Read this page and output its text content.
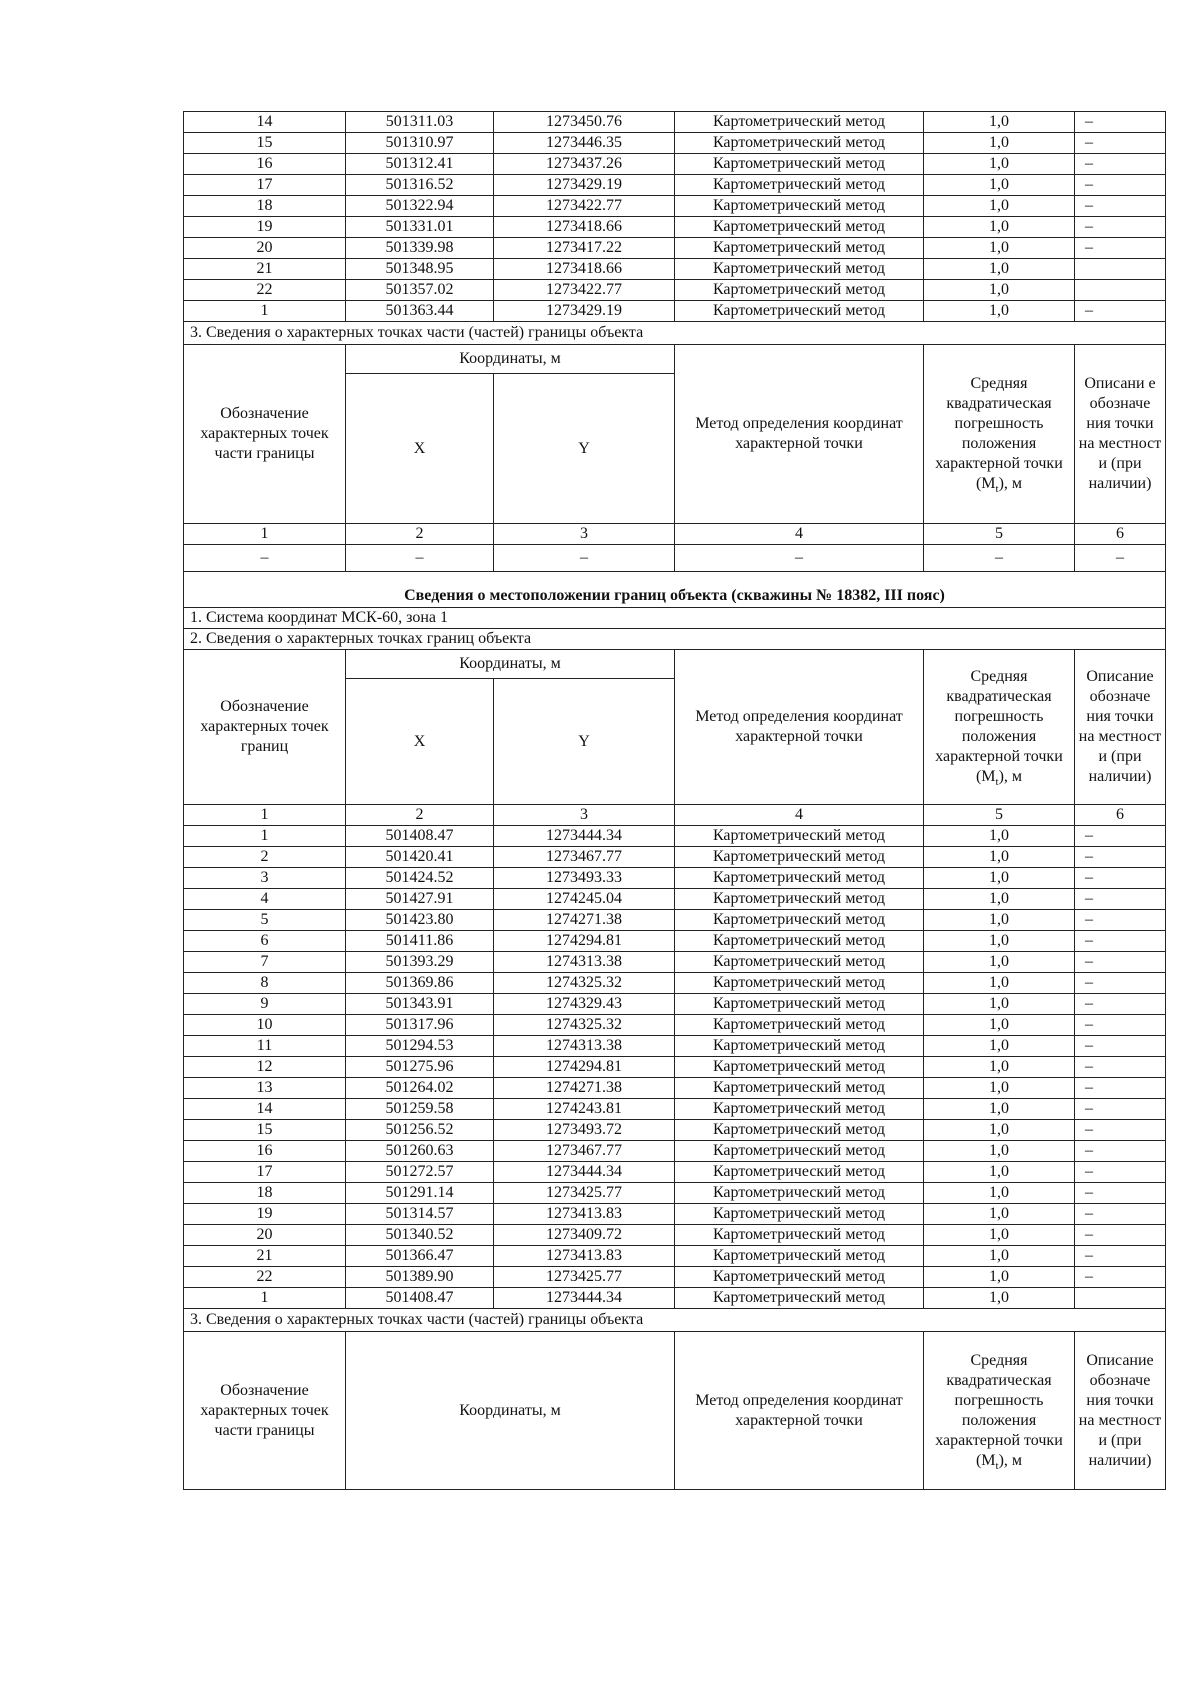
14	501311.03	1273450.76	Картометрический метод	1,0	–
15	501310.97	1273446.35	Картометрический метод	1,0	–
16	501312.41	1273437.26	Картометрический метод	1,0	–
17	501316.52	1273429.19	Картометрический метод	1,0	–
18	501322.94	1273422.77	Картометрический метод	1,0	–
19	501331.01	1273418.66	Картометрический метод	1,0	–
20	501339.98	1273417.22	Картометрический метод	1,0	–
21	501348.95	1273418.66	Картометрический метод	1,0	
22	501357.02	1273422.77	Картометрический метод	1,0	
1	501363.44	1273429.19	Картометрический метод	1,0	–
3. Сведения о характерных точках части (частей) границы объекта					
Обозначение характерных точек части границы	Координаты, м		Метод определения координат характерной точки	Средняя квадратическая погрешность положения характерной точки $(M_t)$, м	Описани е обозначе ния точки на местност и (при наличии)
	X	Y			
1	2	3	4	5	6
–	–	–	–	–	–
Сведения о местоположении границ объекта (скважины № 18382, III пояс)					
1. Система координат МСК-60, зона 1					
2. Сведения о характерных точках границ объекта					
Обозначение характерных точек границ	Координаты, м		Метод определения координат характерной точки	Средняя квадратическая погрешность положения характерной точки $(M_t)$, м	Описание обозначе ния точки на местност и (при наличии)
	X	Y			
1	2	3	4	5	6
1	501408.47	1273444.34	Картометрический метод	1,0	–
2	501420.41	1273467.77	Картометрический метод	1,0	–
3	501424.52	1273493.33	Картометрический метод	1,0	–
4	501427.91	1274245.04	Картометрический метод	1,0	–
5	501423.80	1274271.38	Картометрический метод	1,0	–
6	501411.86	1274294.81	Картометрический метод	1,0	–
7	501393.29	1274313.38	Картометрический метод	1,0	–
8	501369.86	1274325.32	Картометрический метод	1,0	–
9	501343.91	1274329.43	Картометрический метод	1,0	–
10	501317.96	1274325.32	Картометрический метод	1,0	–
11	501294.53	1274313.38	Картометрический метод	1,0	–
12	501275.96	1274294.81	Картометрический метод	1,0	–
13	501264.02	1274271.38	Картометрический метод	1,0	–
14	501259.58	1274243.81	Картометрический метод	1,0	–
15	501256.52	1273493.72	Картометрический метод	1,0	–
16	501260.63	1273467.77	Картометрический метод	1,0	–
17	501272.57	1273444.34	Картометрический метод	1,0	–
18	501291.14	1273425.77	Картометрический метод	1,0	–
19	501314.57	1273413.83	Картометрический метод	1,0	–
20	501340.52	1273409.72	Картометрический метод	1,0	–
21	501366.47	1273413.83	Картометрический метод	1,0	–
22	501389.90	1273425.77	Картометрический метод	1,0	–
1	501408.47	1273444.34	Картометрический метод	1,0	
3. Сведения о характерных точках части (частей) границы объекта					
Обозначение характерных точек части границы	Координаты, м		Метод определения координат характерной точки	Средняя квадратическая погрешность положения характерной точки $(M_t)$, м	Описание обозначе ния точки на местност и (при наличии)
